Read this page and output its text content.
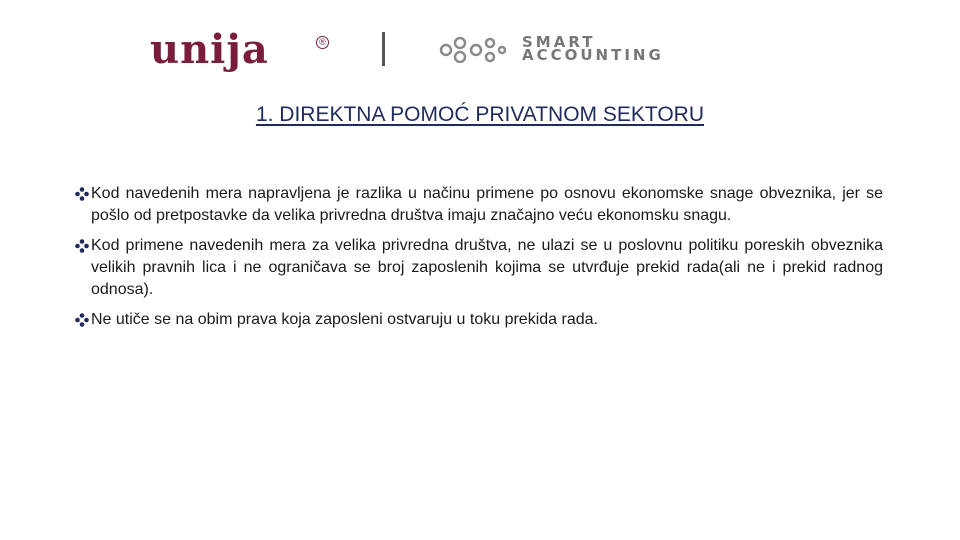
unija	®	SMART
ACCOUNTING
1. DIREKTNA POMOĆ PRIVATNOM SEKTORU
Kod navedenih mera napravljena je razlika u načinu primene po osnovu ekonomske snage obveznika, jer se pošlo od pretpostavke da velika privredna društva imaju značajno veću ekonomsku snagu.
Kod primene navedenih mera za velika privredna društva, ne ulazi se u poslovnu politiku poreskih obveznika velikih pravnih lica i ne ograničava se broj zaposlenih kojima se utvrđuje prekid rada(ali ne i prekid radnog odnosa).
Ne utiče se na obim prava koja zaposleni ostvaruju u toku prekida rada.
